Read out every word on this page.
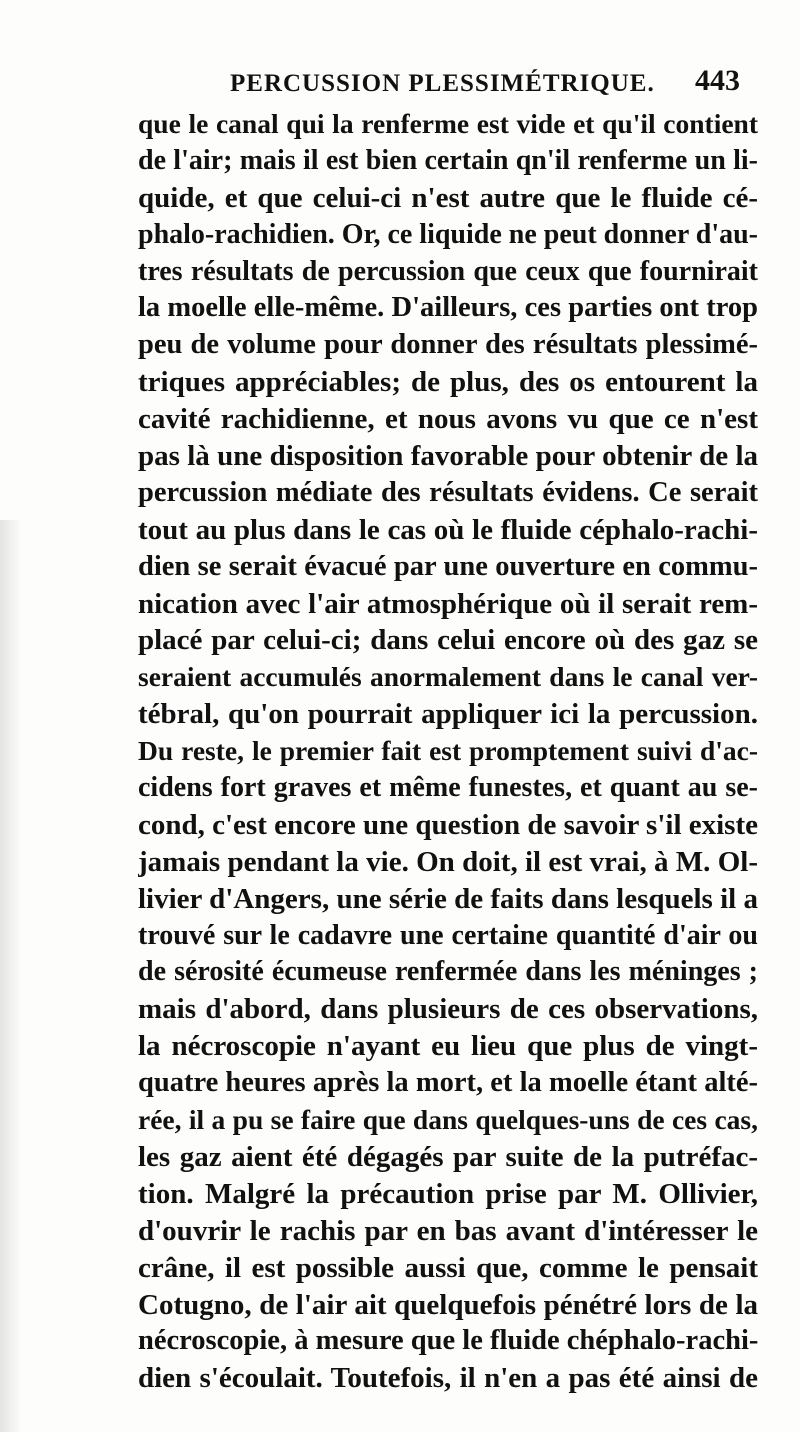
PERCUSSION PLESSIMÉTRIQUE. 443
que le canal qui la renferme est vide et qu'il contient
de l'air; mais il est bien certain qn'il renferme un li-
quide, et que celui-ci n'est autre que le fluide cé-
phalo-rachidien. Or, ce liquide ne peut donner d'au-
tres résultats de percussion que ceux que fournirait
la moelle elle-même. D'ailleurs, ces parties ont trop
peu de volume pour donner des résultats plessimé-
triques appréciables; de plus, des os entourent la
cavité rachidienne, et nous avons vu que ce n'est
pas là une disposition favorable pour obtenir de la
percussion médiate des résultats évidens. Ce serait
tout au plus dans le cas où le fluide céphalo-rachi-
dien se serait évacué par une ouverture en commu-
nication avec l'air atmosphérique où il serait rem-
placé par celui-ci; dans celui encore où des gaz se
seraient accumulés anormalement dans le canal ver-
tébral, qu'on pourrait appliquer ici la percussion.
Du reste, le premier fait est promptement suivi d'ac-
cidens fort graves et même funestes, et quant au se-
cond, c'est encore une question de savoir s'il existe
jamais pendant la vie. On doit, il est vrai, à M. Ol-
livier d'Angers, une série de faits dans lesquels il a
trouvé sur le cadavre une certaine quantité d'air ou
de sérosité écumeuse renfermée dans les méninges ;
mais d'abord, dans plusieurs de ces observations,
la nécroscopie n'ayant eu lieu que plus de vingt-
quatre heures après la mort, et la moelle étant alté-
rée, il a pu se faire que dans quelques-uns de ces cas,
les gaz aient été dégagés par suite de la putréfac-
tion. Malgré la précaution prise par M. Ollivier,
d'ouvrir le rachis par en bas avant d'intéresser le
crâne, il est possible aussi que, comme le pensait
Cotugno, de l'air ait quelquefois pénétré lors de la
nécroscopie, à mesure que le fluide chéphalo-rachi-
dien s'écoulait. Toutefois, il n'en a pas été ainsi de
